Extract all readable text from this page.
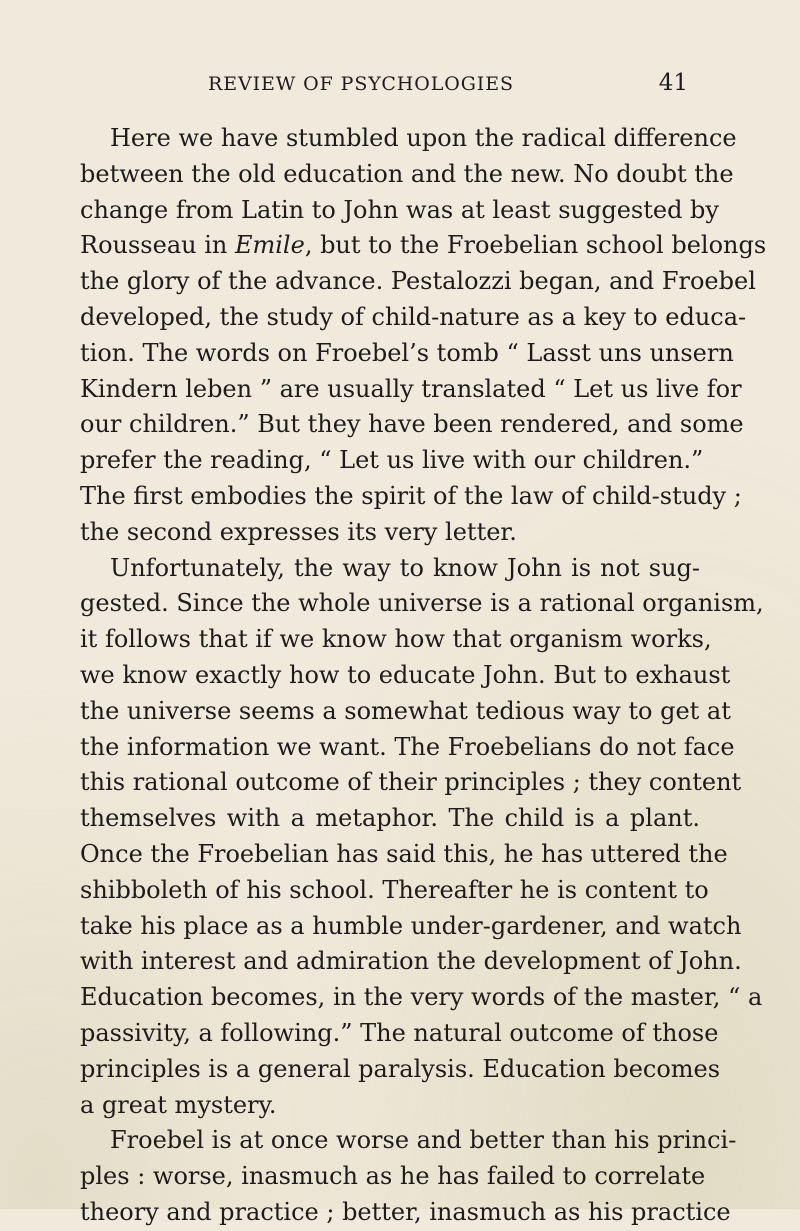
REVIEW OF PSYCHOLOGIES	41
Here we have stumbled upon the radical difference
between the old education and the new. No doubt the
change from Latin to John was at least suggested by
Rousseau in Emile, but to the Froebelian school belongs
the glory of the advance. Pestalozzi began, and Froebel
developed, the study of child-nature as a key to educa-
tion. The words on Froebel’s tomb “ Lasst uns unsern
Kindern leben ” are usually translated “ Let us live for
our children.” But they have been rendered, and some
prefer the reading, “ Let us live with our children.”
The first embodies the spirit of the law of child-study ;
the second expresses its very letter.
Unfortunately, the way to know John is not sug-
gested. Since the whole universe is a rational organism,
it follows that if we know how that organism works,
we know exactly how to educate John. But to exhaust
the universe seems a somewhat tedious way to get at
the information we want. The Froebelians do not face
this rational outcome of their principles ; they content
themselves with a metaphor. The child is a plant.
Once the Froebelian has said this, he has uttered the
shibboleth of his school. Thereafter he is content to
take his place as a humble under-gardener, and watch
with interest and admiration the development of John.
Education becomes, in the very words of the master, “ a
passivity, a following.” The natural outcome of those
principles is a general paralysis. Education becomes
a great mystery.
Froebel is at once worse and better than his princi-
ples : worse, inasmuch as he has failed to correlate
theory and practice ; better, inasmuch as his practice
